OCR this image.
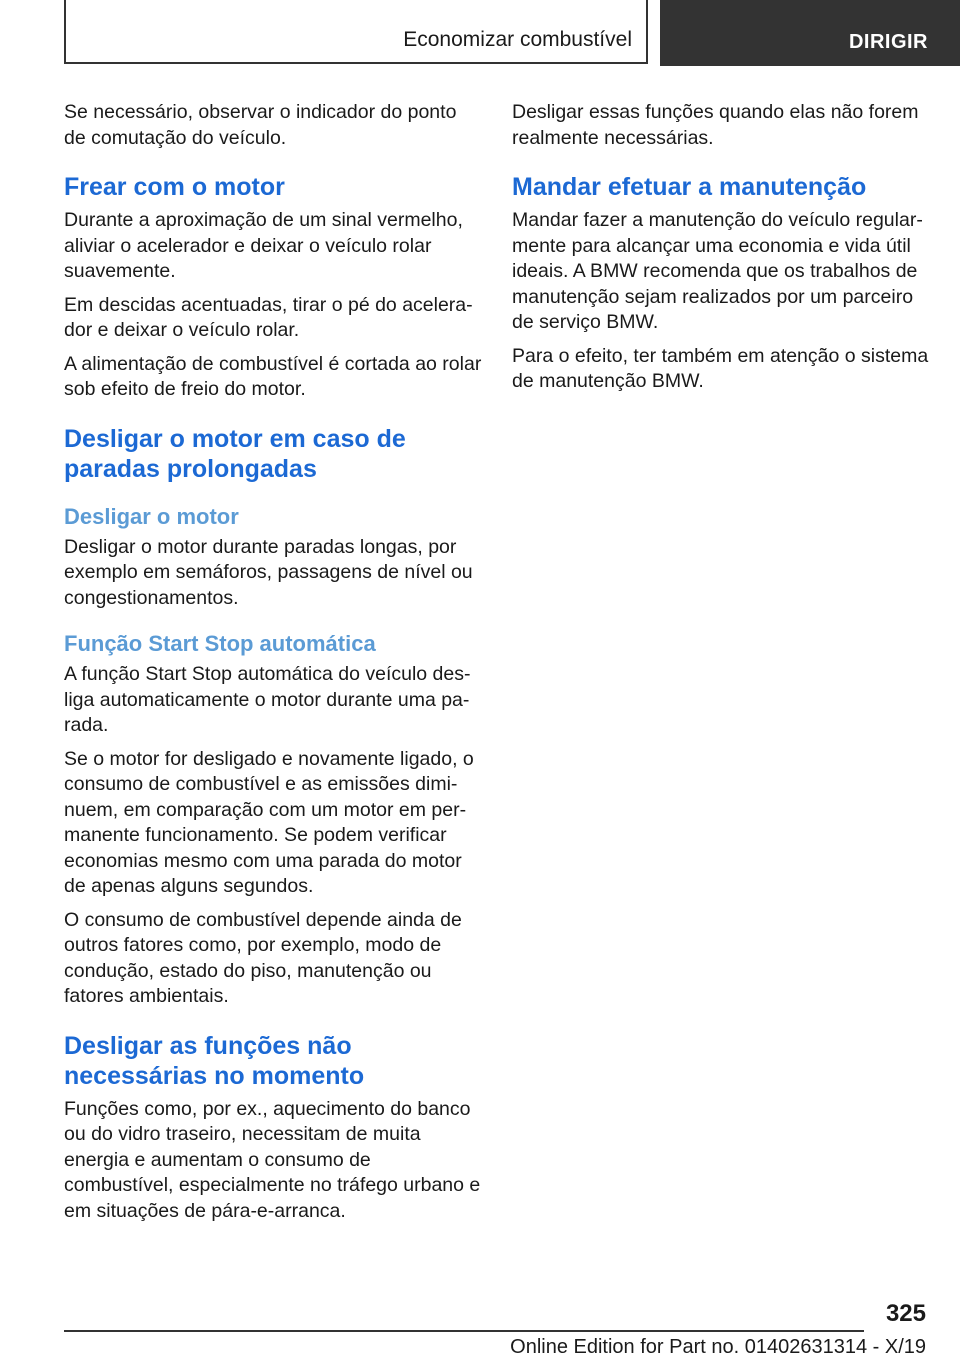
Economizar combustível	DIRIGIR

Se necessário, observar o indicador do ponto de comutação do veículo.

Frear com o motor

Durante a aproximação de um sinal vermelho, aliviar o acelerador e deixar o veículo rolar suavemente.

Em descidas acentuadas, tirar o pé do acelerador e deixar o veículo rolar.

A alimentação de combustível é cortada ao rolar sob efeito de freio do motor.

Desligar o motor em caso de paradas prolongadas
Desligar o motor

Desligar o motor durante paradas longas, por exemplo em semáforos, passagens de nível ou congestionamentos.

Função Start Stop automática

A função Start Stop automática do veículo desliga automaticamente o motor durante uma parada.

Se o motor for desligado e novamente ligado, o consumo de combustível e as emissões diminuem, em comparação com um motor em permanente funcionamento. Se podem verificar economias mesmo com uma parada do motor de apenas alguns segundos.

O consumo de combustível depende ainda de outros fatores como, por exemplo, modo de condução, estado do piso, manutenção ou fatores ambientais.

Desligar as funções não necessárias no momento

Funções como, por ex., aquecimento do banco ou do vidro traseiro, necessitam de muita energia e aumentam o consumo de combustível, especialmente no tráfego urbano e em situações de pára-e-arranca.

Desligar essas funções quando elas não forem realmente necessárias.

Mandar efetuar a manutenção

Mandar fazer a manutenção do veículo regularmente para alcançar uma economia e vida útil ideais. A BMW recomenda que os trabalhos de manutenção sejam realizados por um parceiro de serviço BMW.

Para o efeito, ter também em atenção o sistema de manutenção BMW.

325
Online Edition for Part no. 01402631314 - X/19
